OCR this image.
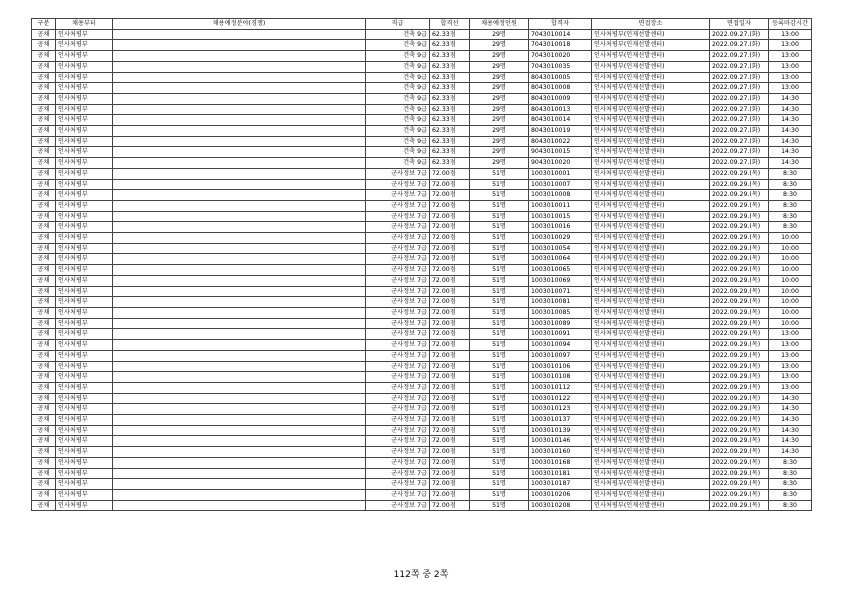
구분	채용부터	채용예정분야(경쟁)	직급	합격선	채용예정인원	합격자	면접장소	면접일자	등록마감시간
공채	인사처평부		건축 9급	62.33점	29명	7043010014	인사처평부(인재선발센터)	2022.09.27.(화)	13:00
공채	인사처평부		건축 9급	62.33점	29명	7043010018	인사처평부(인재선발센터)	2022.09.27.(화)	13:00
공채	인사처평부		건축 9급	62.33점	29명	7043010020	인사처평부(인재선발센터)	2022.09.27.(화)	13:00
공채	인사처평부		건축 9급	62.33점	29명	7043010035	인사처평부(인재선발센터)	2022.09.27.(화)	13:00
공채	인사처평부		건축 9급	62.33점	29명	8043010005	인사처평부(인재선발센터)	2022.09.27.(화)	13:00
공채	인사처평부		건축 9급	62.33점	29명	8043010008	인사처평부(인재선발센터)	2022.09.27.(화)	13:00
공채	인사처평부		건축 9급	62.33점	29명	8043010009	인사처평부(인재선발센터)	2022.09.27.(화)	14:30
공채	인사처평부		건축 9급	62.33점	29명	8043010013	인사처평부(인재선발센터)	2022.09.27.(화)	14:30
공채	인사처평부		건축 9급	62.33점	29명	8043010014	인사처평부(인재선발센터)	2022.09.27.(화)	14:30
공채	인사처평부		건축 9급	62.33점	29명	8043010019	인사처평부(인재선발센터)	2022.09.27.(화)	14:30
공채	인사처평부		건축 9급	62.33점	29명	8043010022	인사처평부(인재선발센터)	2022.09.27.(화)	14:30
공채	인사처평부		건축 9급	62.33점	29명	9043010015	인사처평부(인재선발센터)	2022.09.27.(화)	14:30
공채	인사처평부		건축 9급	62.33점	29명	9043010020	인사처평부(인재선발센터)	2022.09.27.(화)	14:30
공채	인사처평부		군사정보 7급	72.00점	51명	1003010001	인사처평부(인재선발센터)	2022.09.29.(목)	8:30
공채	인사처평부		군사정보 7급	72.00점	51명	1003010007	인사처평부(인재선발센터)	2022.09.29.(목)	8:30
공채	인사처평부		군사정보 7급	72.00점	51명	1003010008	인사처평부(인재선발센터)	2022.09.29.(목)	8:30
공채	인사처평부		군사정보 7급	72.00점	51명	1003010011	인사처평부(인재선발센터)	2022.09.29.(목)	8:30
공채	인사처평부		군사정보 7급	72.00점	51명	1003010015	인사처평부(인재선발센터)	2022.09.29.(목)	8:30
공채	인사처평부		군사정보 7급	72.00점	51명	1003010016	인사처평부(인재선발센터)	2022.09.29.(목)	8:30
공채	인사처평부		군사정보 7급	72.00점	51명	1003010029	인사처평부(인재선발센터)	2022.09.29.(목)	10:00
공채	인사처평부		군사정보 7급	72.00점	51명	1003010054	인사처평부(인재선발센터)	2022.09.29.(목)	10:00
공채	인사처평부		군사정보 7급	72.00점	51명	1003010064	인사처평부(인재선발센터)	2022.09.29.(목)	10:00
공채	인사처평부		군사정보 7급	72.00점	51명	1003010065	인사처평부(인재선발센터)	2022.09.29.(목)	10:00
공채	인사처평부		군사정보 7급	72.00점	51명	1003010069	인사처평부(인재선발센터)	2022.09.29.(목)	10:00
공채	인사처평부		군사정보 7급	72.00점	51명	1003010071	인사처평부(인재선발센터)	2022.09.29.(목)	10:00
공채	인사처평부		군사정보 7급	72.00점	51명	1003010081	인사처평부(인재선발센터)	2022.09.29.(목)	10:00
공채	인사처평부		군사정보 7급	72.00점	51명	1003010085	인사처평부(인재선발센터)	2022.09.29.(목)	10:00
공채	인사처평부		군사정보 7급	72.00점	51명	1003010089	인사처평부(인재선발센터)	2022.09.29.(목)	10:00
공채	인사처평부		군사정보 7급	72.00점	51명	1003010091	인사처평부(인재선발센터)	2022.09.29.(목)	13:00
공채	인사처평부		군사정보 7급	72.00점	51명	1003010094	인사처평부(인재선발센터)	2022.09.29.(목)	13:00
공채	인사처평부		군사정보 7급	72.00점	51명	1003010097	인사처평부(인재선발센터)	2022.09.29.(목)	13:00
공채	인사처평부		군사정보 7급	72.00점	51명	1003010106	인사처평부(인재선발센터)	2022.09.29.(목)	13:00
공채	인사처평부		군사정보 7급	72.00점	51명	1003010108	인사처평부(인재선발센터)	2022.09.29.(목)	13:00
공채	인사처평부		군사정보 7급	72.00점	51명	1003010112	인사처평부(인재선발센터)	2022.09.29.(목)	13:00
공채	인사처평부		군사정보 7급	72.00점	51명	1003010122	인사처평부(인재선발센터)	2022.09.29.(목)	14:30
공채	인사처평부		군사정보 7급	72.00점	51명	1003010123	인사처평부(인재선발센터)	2022.09.29.(목)	14:30
공채	인사처평부		군사정보 7급	72.00점	51명	1003010137	인사처평부(인재선발센터)	2022.09.29.(목)	14:30
공채	인사처평부		군사정보 7급	72.00점	51명	1003010139	인사처평부(인재선발센터)	2022.09.29.(목)	14:30
공채	인사처평부		군사정보 7급	72.00점	51명	1003010146	인사처평부(인재선발센터)	2022.09.29.(목)	14:30
공채	인사처평부		군사정보 7급	72.00점	51명	1003010160	인사처평부(인재선발센터)	2022.09.29.(목)	14:30
공채	인사처평부		군사정보 7급	72.00점	51명	1003010168	인사처평부(인재선발센터)	2022.09.29.(목)	8:30
공채	인사처평부		군사정보 7급	72.00점	51명	1003010181	인사처평부(인재선발센터)	2022.09.29.(목)	8:30
공채	인사처평부		군사정보 7급	72.00점	51명	1003010187	인사처평부(인재선발센터)	2022.09.29.(목)	8:30
공채	인사처평부		군사정보 7급	72.00점	51명	1003010206	인사처평부(인재선발센터)	2022.09.29.(목)	8:30
공채	인사처평부		군사정보 7급	72.00점	51명	1003010208	인사처평부(인재선발센터)	2022.09.29.(목)	8:30
112쪽 중 2쪽
